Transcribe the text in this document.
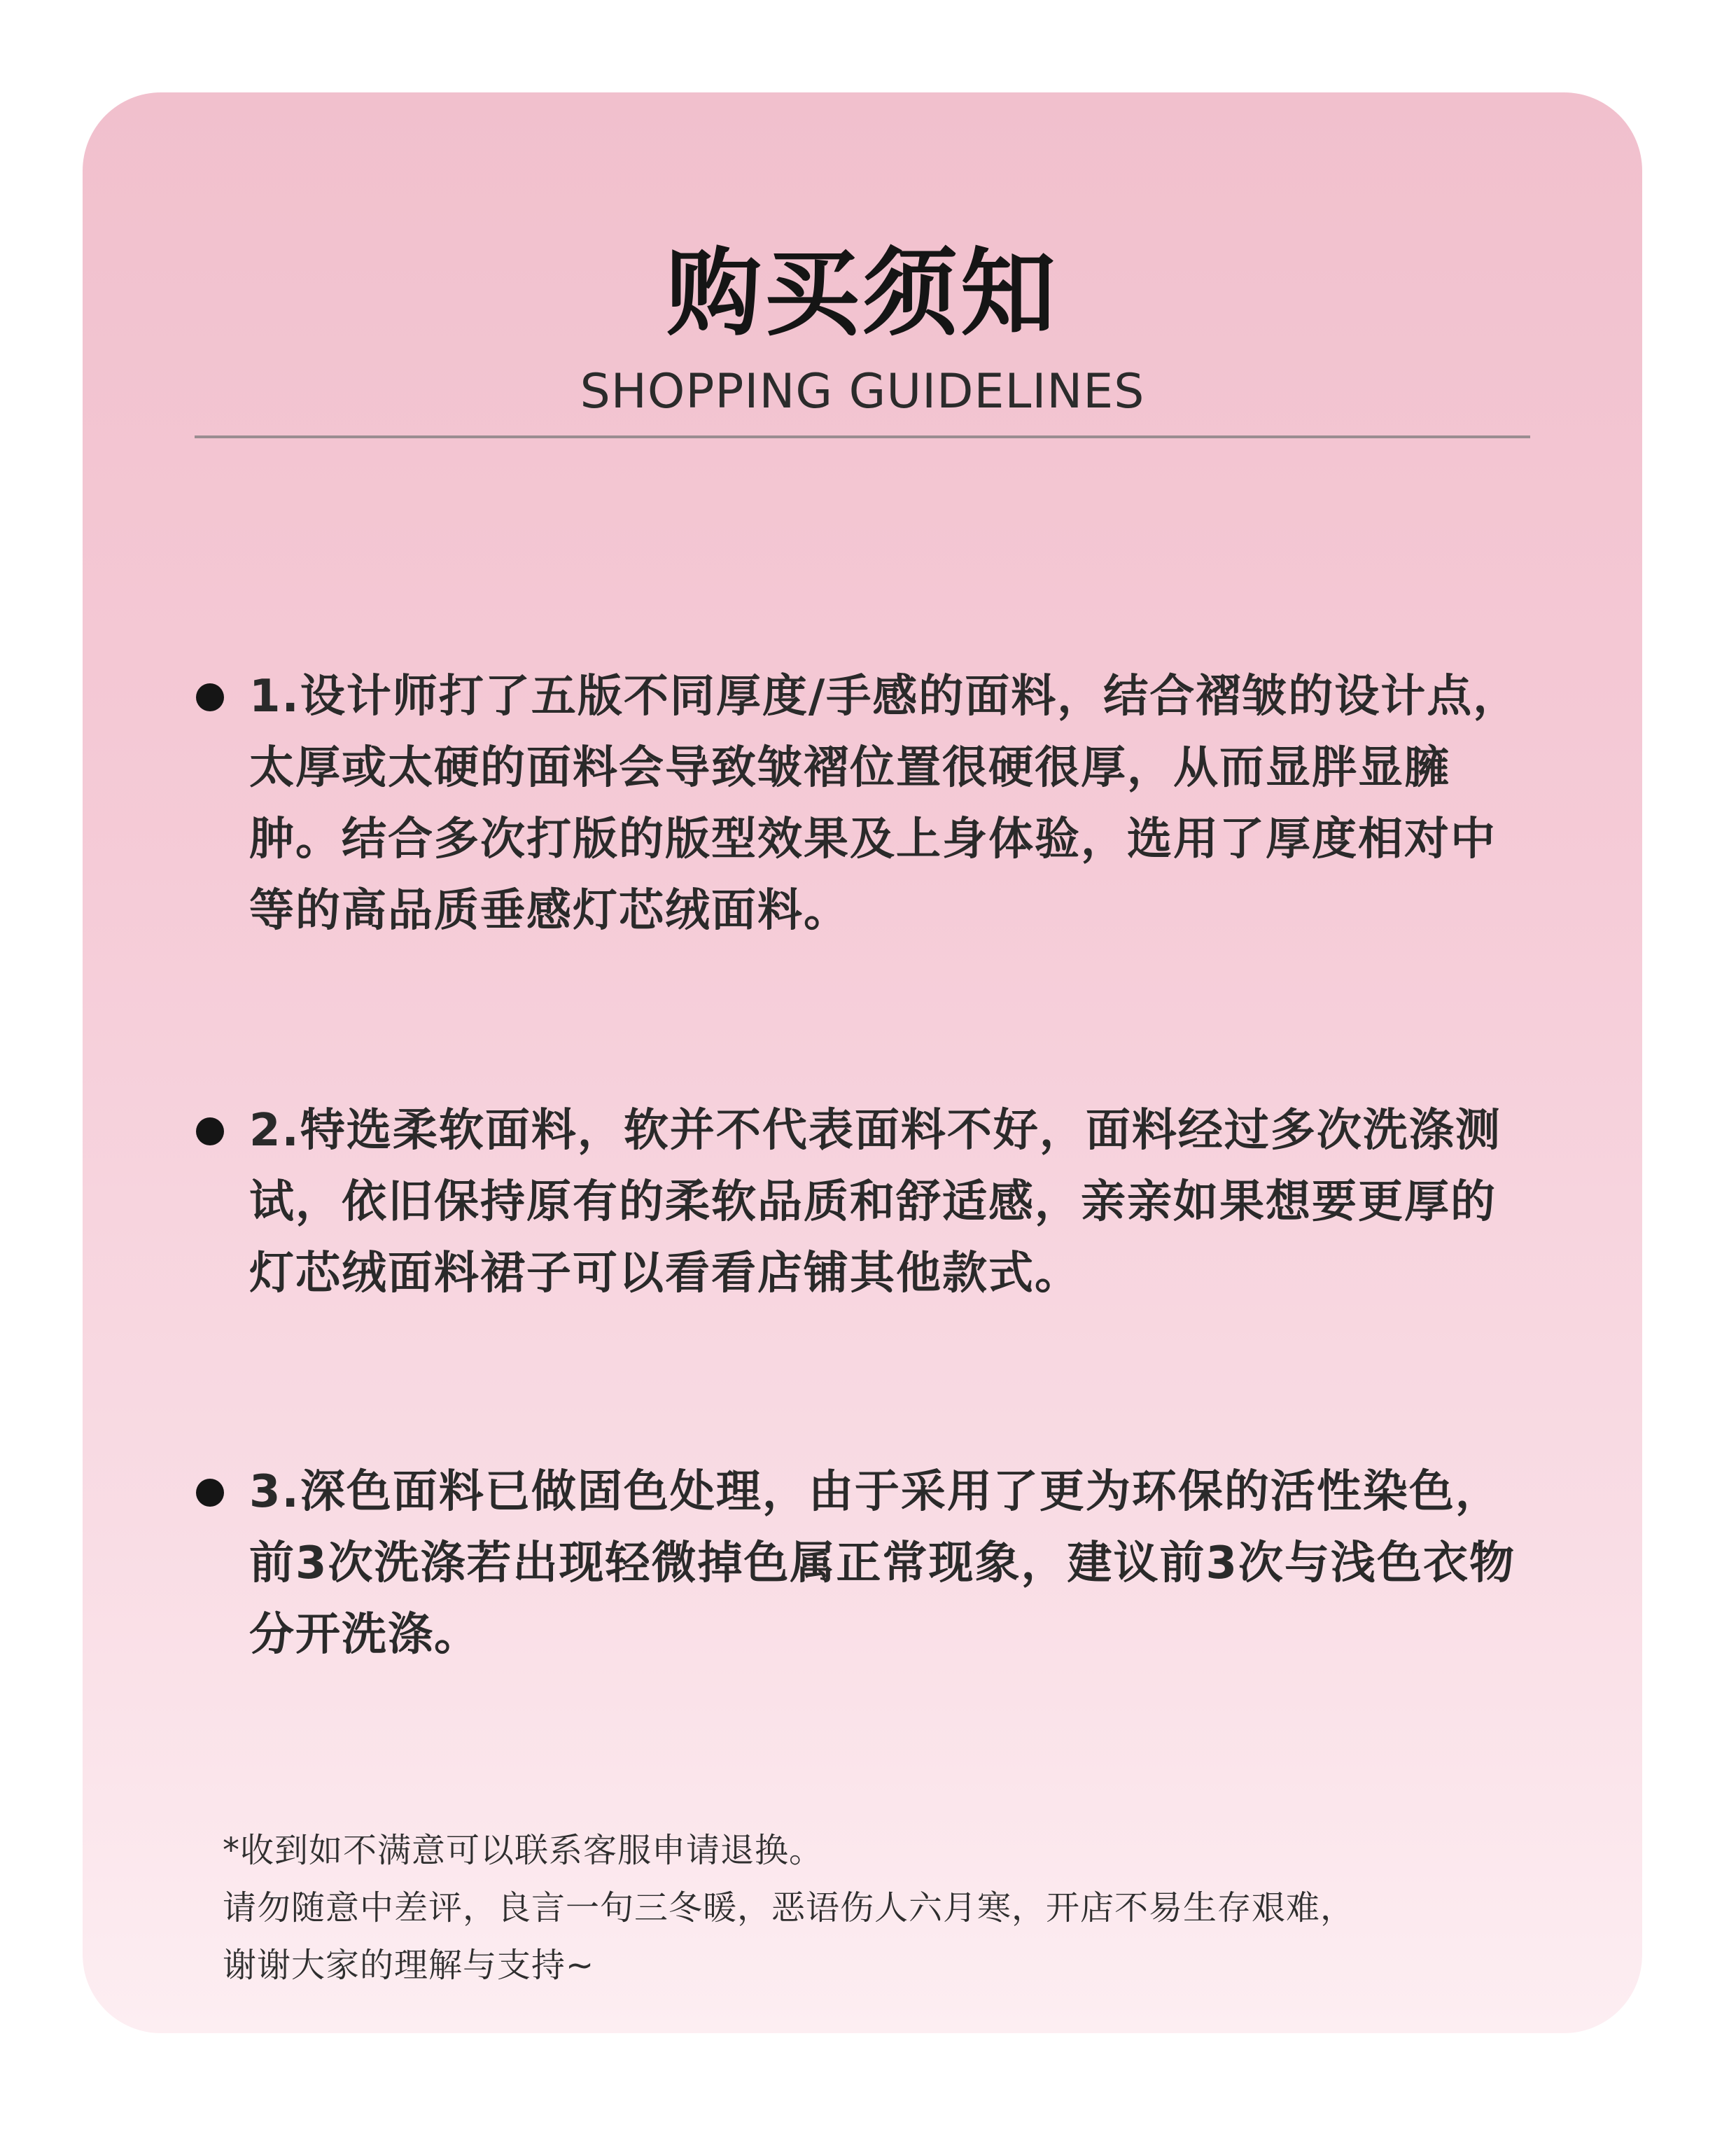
购买须知
SHOPPING GUIDELINES
1.设计师打了五版不同厚度/手感的面料，结合褶皱的设计点，太厚或太硬的面料会导致皱褶位置很硬很厚，从而显胖显臃肿。结合多次打版的版型效果及上身体验，选用了厚度相对中等的高品质垂感灯芯绒面料。
2.特选柔软面料，软并不代表面料不好，面料经过多次洗涤测试，依旧保持原有的柔软品质和舒适感，亲亲如果想要更厚的灯芯绒面料裙子可以看看店铺其他款式。
3.深色面料已做固色处理，由于采用了更为环保的活性染色，前3次洗涤若出现轻微掉色属正常现象，建议前3次与浅色衣物分开洗涤。
*收到如不满意可以联系客服申请退换。
请勿随意中差评，良言一句三冬暖，恶语伤人六月寒，开店不易生存艰难，
谢谢大家的理解与支持~
